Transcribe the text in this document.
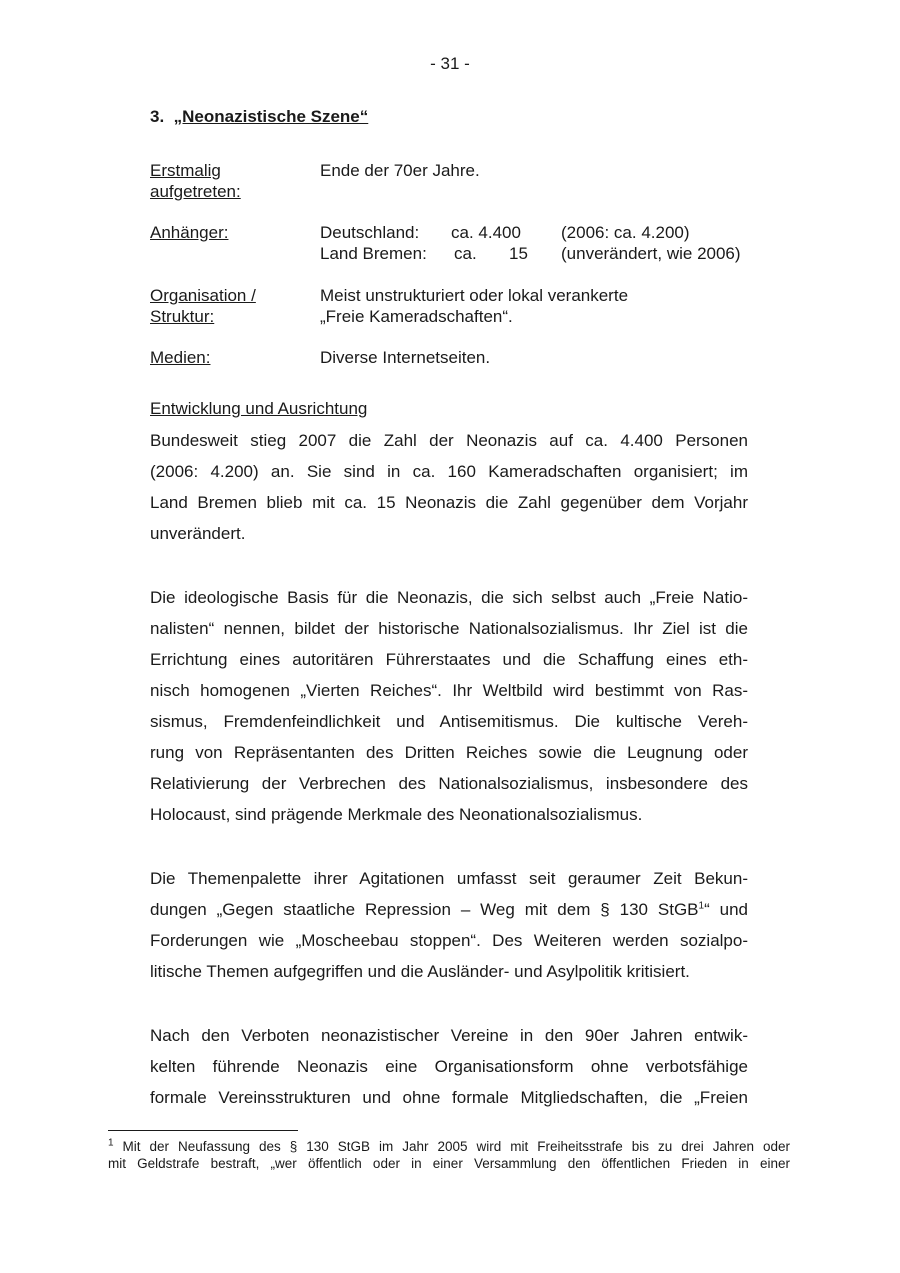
- 31 -
3. „Neonazistische Szene“
Erstmalig
aufgetreten:
Ende der 70er Jahre.
Anhänger:	Deutschland: ca. 4.400 (2006: ca. 4.200)
Land Bremen: ca. 15 (unverändert, wie 2006)
Organisation /
Struktur:
Meist unstrukturiert oder lokal verankerte
„Freie Kameradschaften“.
Medien:	Diverse Internetseiten.
Entwicklung und Ausrichtung
Bundesweit stieg 2007 die Zahl der Neonazis auf ca. 4.400 Personen
(2006: 4.200) an. Sie sind in ca. 160 Kameradschaften organisiert; im
Land Bremen blieb mit ca. 15 Neonazis die Zahl gegenüber dem Vorjahr
unverändert.
Die ideologische Basis für die Neonazis, die sich selbst auch „Freie Natio-
nalisten“ nennen, bildet der historische Nationalsozialismus. Ihr Ziel ist die
Errichtung eines autoritären Führerstaates und die Schaffung eines eth-
nisch homogenen „Vierten Reiches“. Ihr Weltbild wird bestimmt von Ras-
sismus, Fremdenfeindlichkeit und Antisemitismus. Die kultische Vereh-
rung von Repräsentanten des Dritten Reiches sowie die Leugnung oder
Relativierung der Verbrechen des Nationalsozialismus, insbesondere des
Holocaust, sind prägende Merkmale des Neonationalsozialismus.
Die Themenpalette ihrer Agitationen umfasst seit geraumer Zeit Bekun-
dungen „Gegen staatliche Repression – Weg mit dem § 130 StGB$^1$“ und
Forderungen wie „Moscheebau stoppen“. Des Weiteren werden sozialpo-
litische Themen aufgegriffen und die Ausländer- und Asylpolitik kritisiert.
Nach den Verboten neonazistischer Vereine in den 90er Jahren entwik-
kelten führende Neonazis eine Organisationsform ohne verbotsfähige
formale Vereinsstrukturen und ohne formale Mitgliedschaften, die „Freien
$^1$ Mit der Neufassung des § 130 StGB im Jahr 2005 wird mit Freiheitsstrafe bis zu drei Jahren oder
mit Geldstrafe bestraft, „wer öffentlich oder in einer Versammlung den öffentlichen Frieden in einer
